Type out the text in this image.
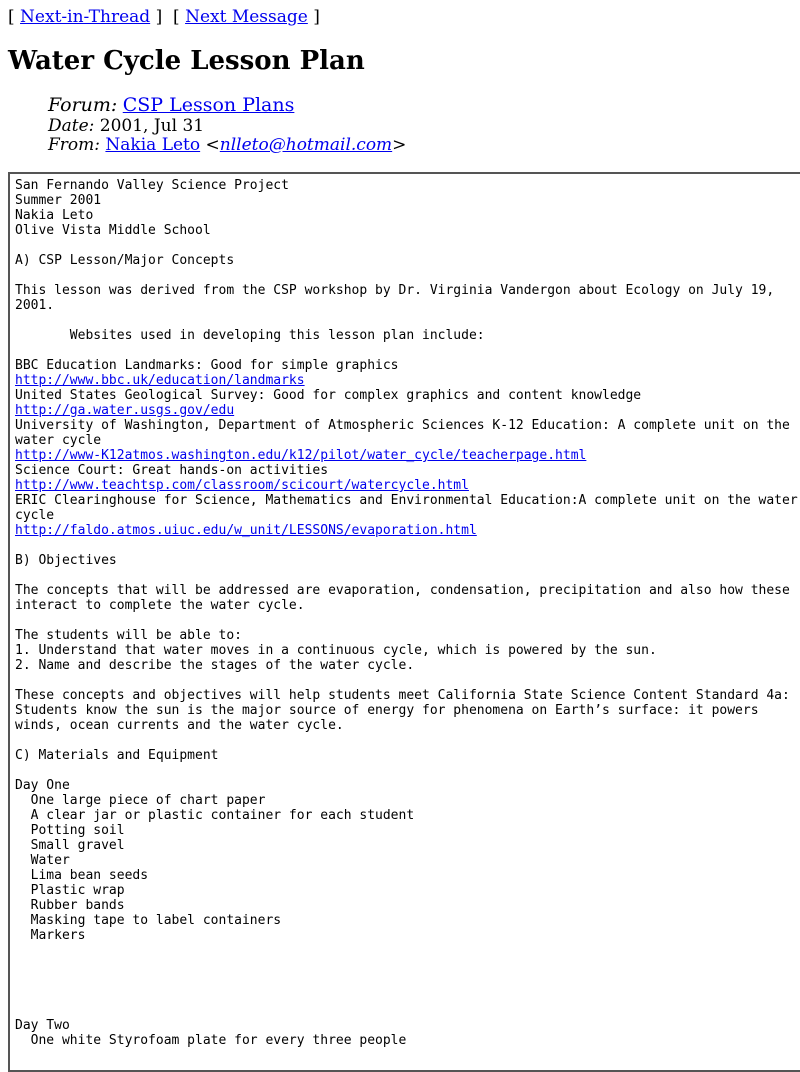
[ Next-in-Thread ]  [ Next Message ]
Water Cycle Lesson Plan
Forum: CSP Lesson Plans
Date: 2001, Jul 31
From: Nakia Leto <nlleto@hotmail.com>
San Fernando Valley Science Project
Summer 2001
Nakia Leto
Olive Vista Middle School

A) CSP Lesson/Major Concepts

This lesson was derived from the CSP workshop by Dr. Virginia Vandergon about Ecology on July 19,
2001.

Websites used in developing this lesson plan include:

BBC Education Landmarks: Good for simple graphics
http://www.bbc.uk/education/landmarks
United States Geological Survey: Good for complex graphics and content knowledge
http://ga.water.usgs.gov/edu
University of Washington, Department of Atmospheric Sciences K-12 Education: A complete unit on the
water cycle
http://www-K12atmos.washington.edu/k12/pilot/water_cycle/teacherpage.html
Science Court: Great hands-on activities
http://www.teachtsp.com/classroom/scicourt/watercycle.html
ERIC Clearinghouse for Science, Mathematics and Environmental Education:A complete unit on the water
cycle
http://faldo.atmos.uiuc.edu/w_unit/LESSONS/evaporation.html

B) Objectives

The concepts that will be addressed are evaporation, condensation, precipitation and also how these
interact to complete the water cycle.

The students will be able to:
1. Understand that water moves in a continuous cycle, which is powered by the sun.
2. Name and describe the stages of the water cycle.

These concepts and objectives will help students meet California State Science Content Standard 4a:
Students know the sun is the major source of energy for phenomena on Earth’s surface: it powers
winds, ocean currents and the water cycle.

C) Materials and Equipment

Day One
One large piece of chart paper
A clear jar or plastic container for each student
Potting soil
Small gravel
Water
Lima bean seeds
Plastic wrap
Rubber bands
Masking tape to label containers
Markers

Day Two
One white Styrofoam plate for every three people
